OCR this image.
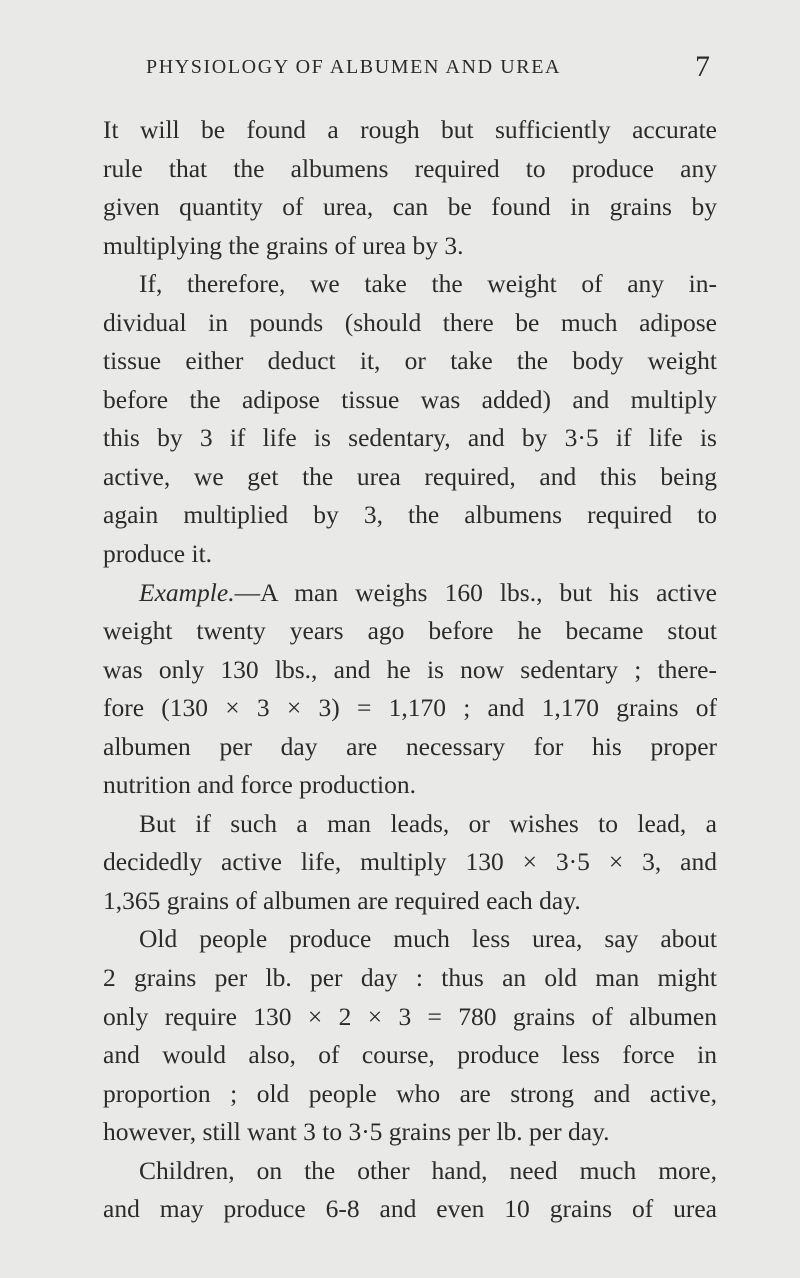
PHYSIOLOGY OF ALBUMEN AND UREA	7
It will be found a rough but sufficiently accurate
rule that the albumens required to produce any
given quantity of urea, can be found in grains by
multiplying the grains of urea by 3.
If, therefore, we take the weight of any in-
dividual in pounds (should there be much adipose
tissue either deduct it, or take the body weight
before the adipose tissue was added) and multiply
this by 3 if life is sedentary, and by 3·5 if life is
active, we get the urea required, and this being
again multiplied by 3, the albumens required to
produce it.
Example.—A man weighs 160 lbs., but his active
weight twenty years ago before he became stout
was only 130 lbs., and he is now sedentary ; there-
fore (130 × 3 × 3) = 1,170 ; and 1,170 grains of
albumen per day are necessary for his proper
nutrition and force production.
But if such a man leads, or wishes to lead, a
decidedly active life, multiply 130 × 3·5 × 3, and
1,365 grains of albumen are required each day.
Old people produce much less urea, say about
2 grains per lb. per day : thus an old man might
only require 130 × 2 × 3 = 780 grains of albumen
and would also, of course, produce less force in
proportion ; old people who are strong and active,
however, still want 3 to 3·5 grains per lb. per day.
Children, on the other hand, need much more,
and may produce 6-8 and even 10 grains of urea
